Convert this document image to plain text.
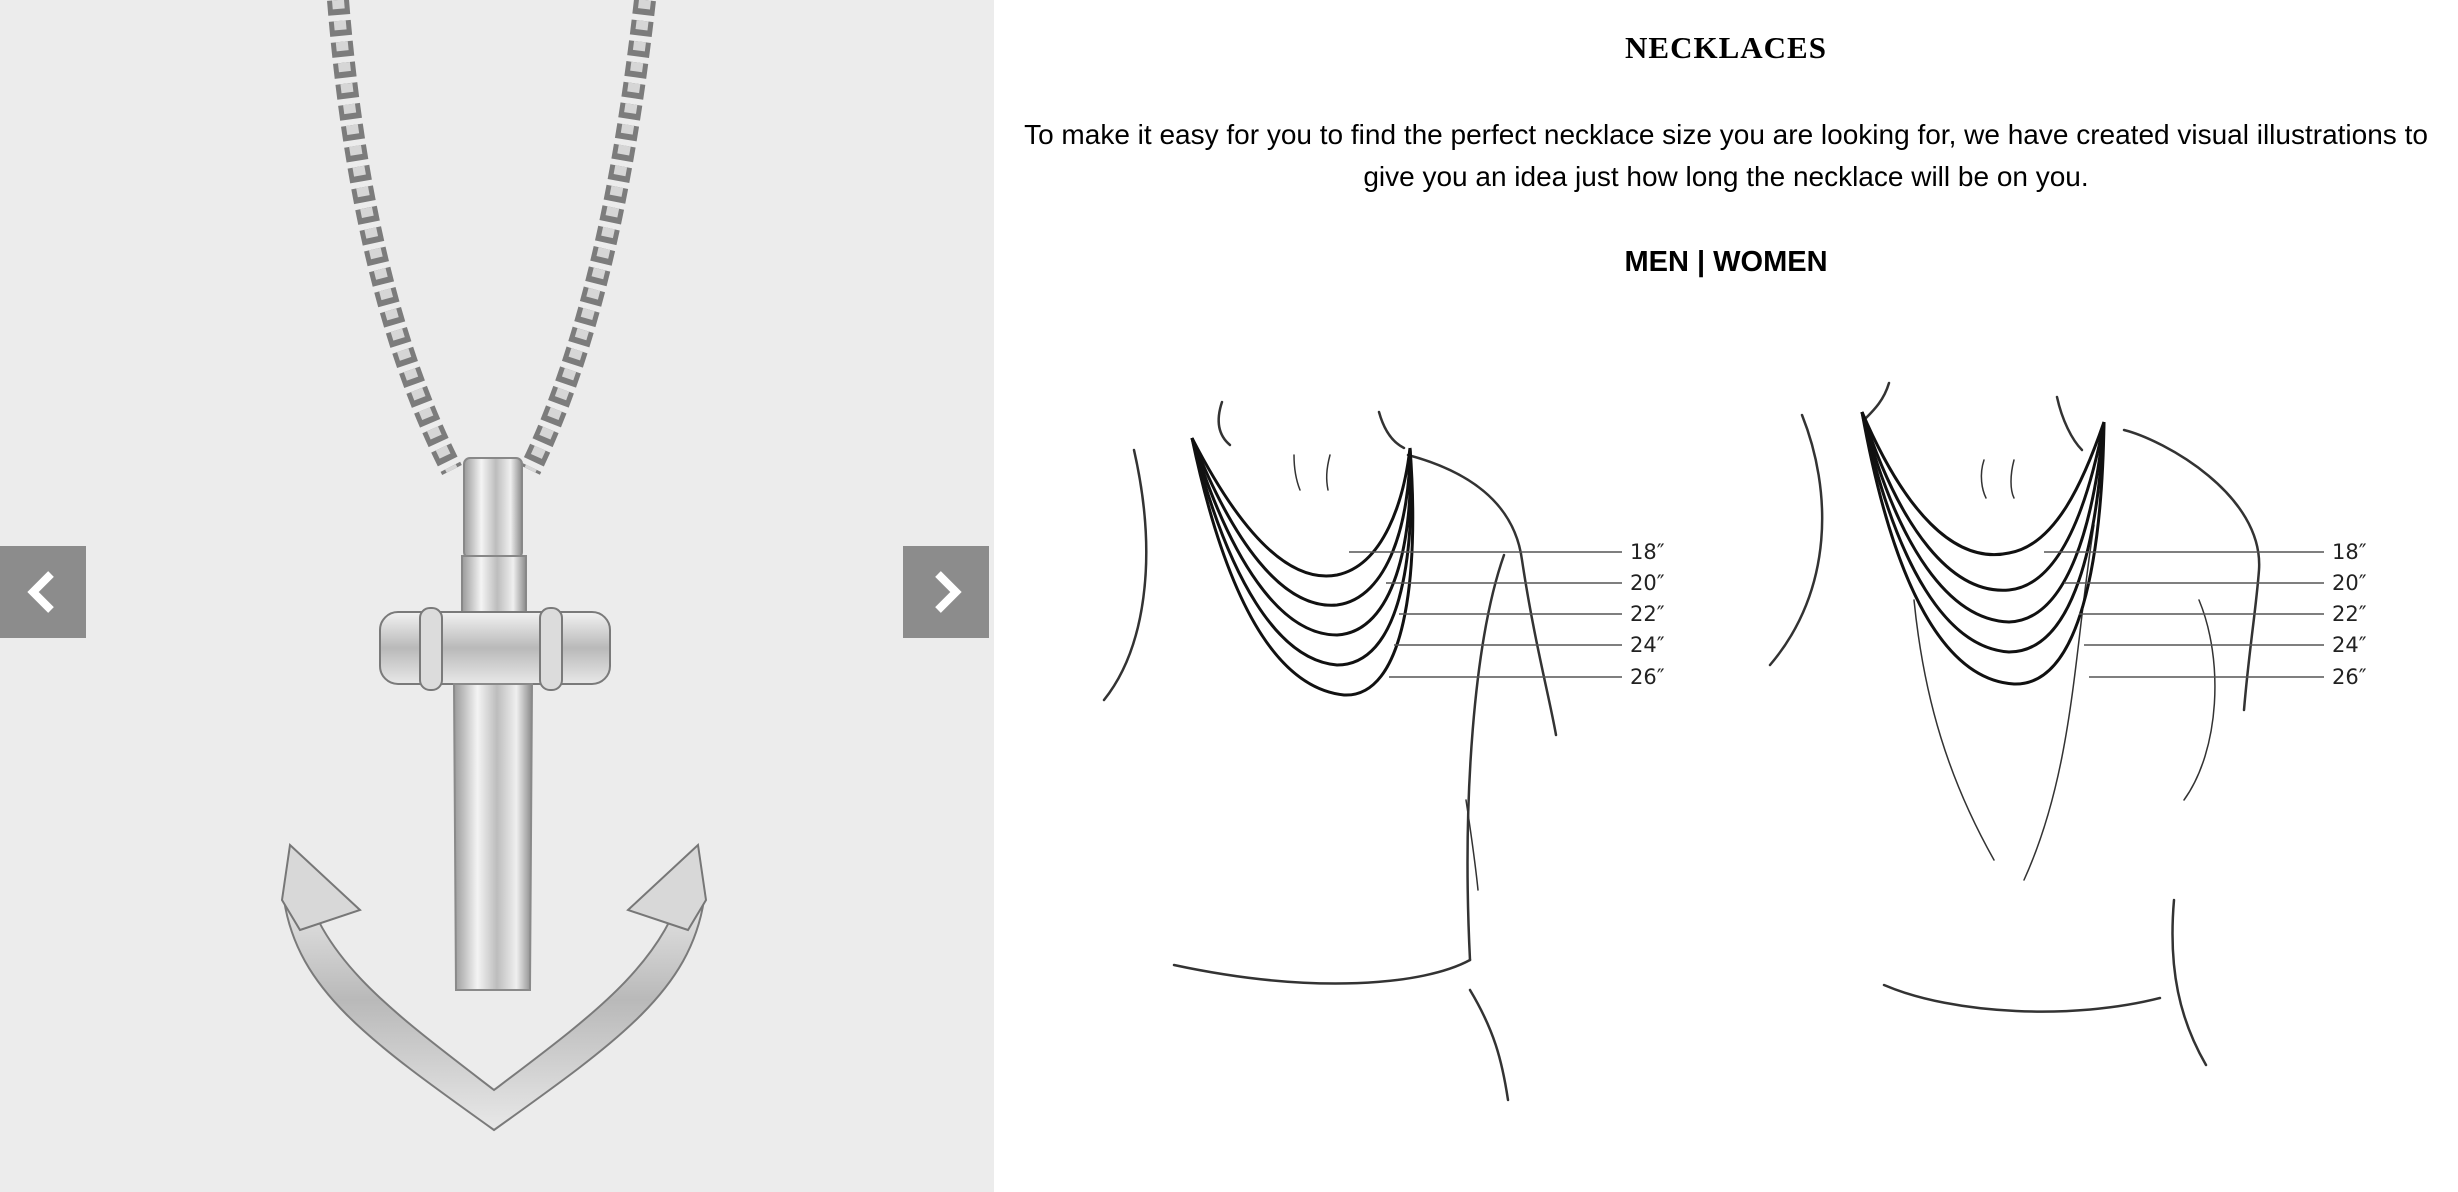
NECKLACES
To make it easy for you to find the perfect necklace size you are looking for, we have created visual illustrations to give you an idea just how long the necklace will be on you.
MEN | WOMEN
18″
20″
22″
24″
26″
18″
20″
22″
24″
26″
